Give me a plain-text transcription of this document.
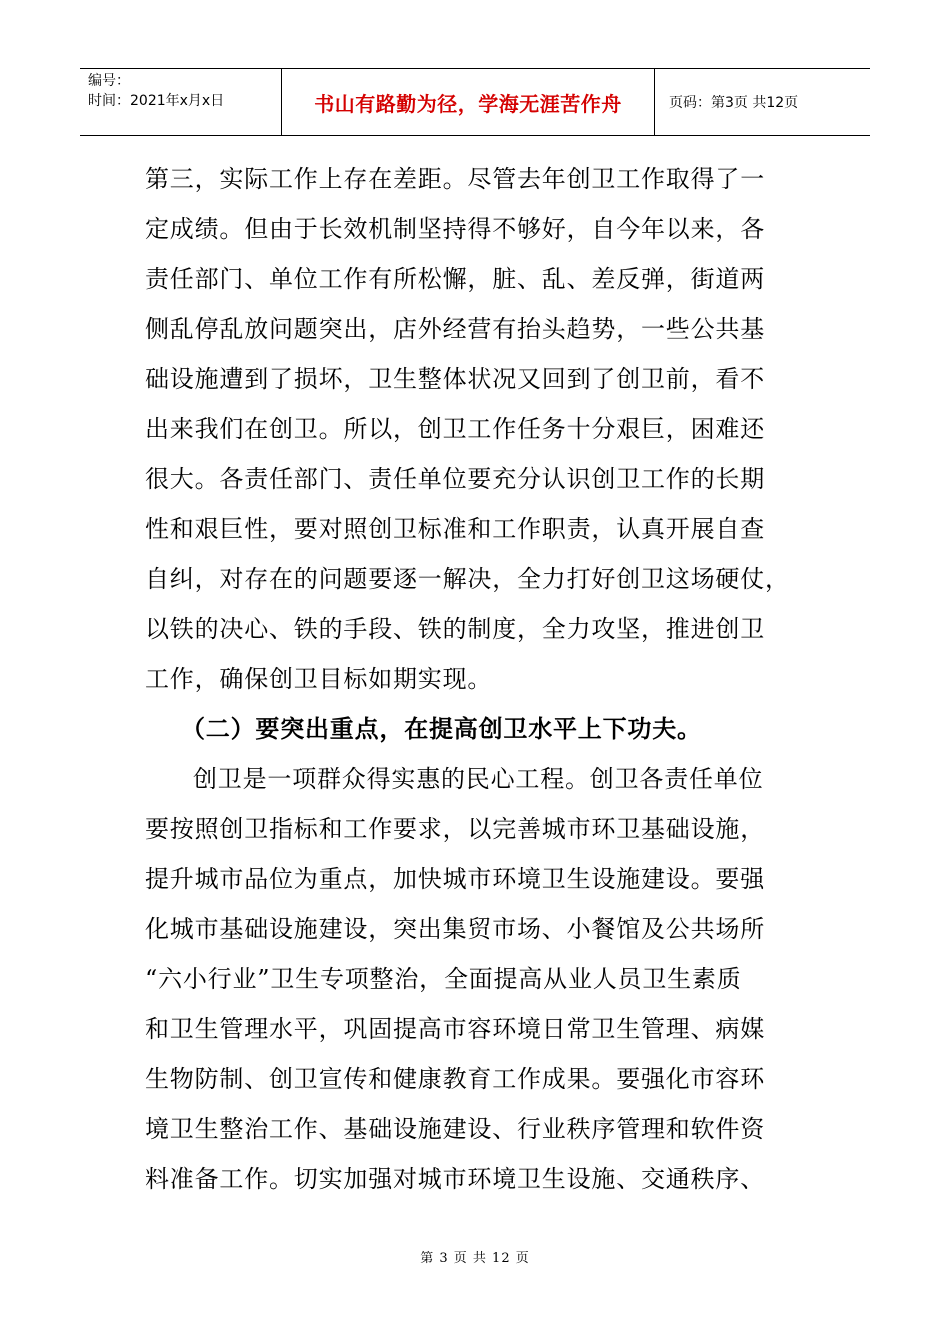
编号：
时间：2021年x月x日	书山有路勤为径，学海无涯苦作舟	页码：第3页 共12页
第三，实际工作上存在差距。尽管去年创卫工作取得了一
定成绩。但由于长效机制坚持得不够好，自今年以来，各
责任部门、单位工作有所松懈，脏、乱、差反弹，街道两
侧乱停乱放问题突出，店外经营有抬头趋势，一些公共基
础设施遭到了损坏，卫生整体状况又回到了创卫前，看不
出来我们在创卫。所以，创卫工作任务十分艰巨，困难还
很大。各责任部门、责任单位要充分认识创卫工作的长期
性和艰巨性，要对照创卫标准和工作职责，认真开展自查
自纠，对存在的问题要逐一解决，全力打好创卫这场硬仗，
以铁的决心、铁的手段、铁的制度，全力攻坚，推进创卫
工作，确保创卫目标如期实现。
（二）要突出重点，在提高创卫水平上下功夫。
创卫是一项群众得实惠的民心工程。创卫各责任单位
要按照创卫指标和工作要求，以完善城市环卫基础设施，
提升城市品位为重点，加快城市环境卫生设施建设。要强
化城市基础设施建设，突出集贸市场、小餐馆及公共场所
“六小行业”卫生专项整治，全面提高从业人员卫生素质
和卫生管理水平，巩固提高市容环境日常卫生管理、病媒
生物防制、创卫宣传和健康教育工作成果。要强化市容环
境卫生整治工作、基础设施建设、行业秩序管理和软件资
料准备工作。切实加强对城市环境卫生设施、交通秩序、
第 3 页 共 12 页
